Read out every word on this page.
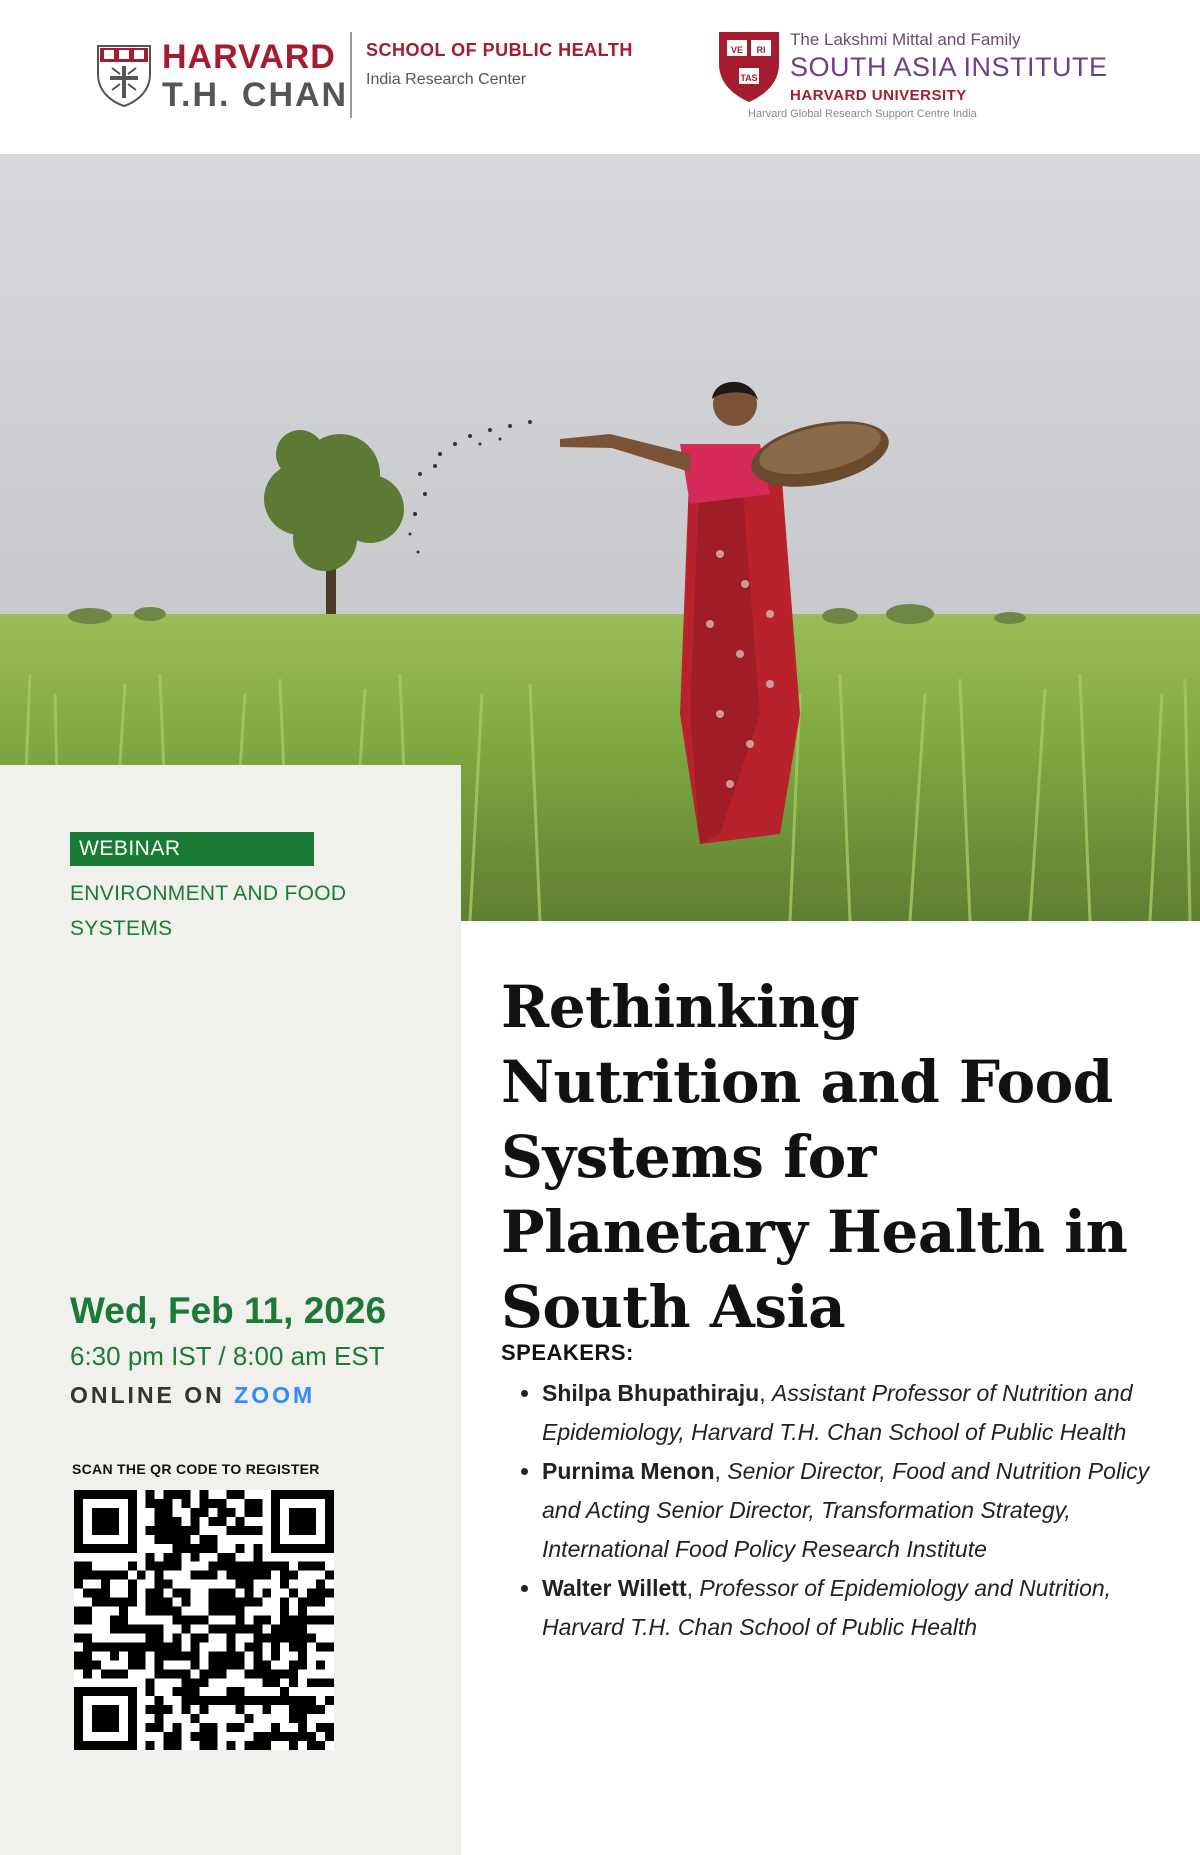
HARVARD
T.H. CHAN
SCHOOL OF PUBLIC HEALTH
India Research Center
VE RI
TAS
The Lakshmi Mittal and Family
SOUTH ASIA INSTITUTE
HARVARD UNIVERSITY
Harvard Global Research Support Centre India
WEBINAR
ENVIRONMENT AND FOOD SYSTEMS
Wed, Feb 11, 2026
6:30 pm IST / 8:00 am EST
ONLINE ON ZOOM
SCAN THE QR CODE TO REGISTER
Rethinking Nutrition and Food Systems for Planetary Health in South Asia
SPEAKERS:
• Shilpa Bhupathiraju, Assistant Professor of Nutrition and Epidemiology, Harvard T.H. Chan School of Public Health
• Purnima Menon, Senior Director, Food and Nutrition Policy and Acting Senior Director, Transformation Strategy, International Food Policy Research Institute
• Walter Willett, Professor of Epidemiology and Nutrition, Harvard T.H. Chan School of Public Health
